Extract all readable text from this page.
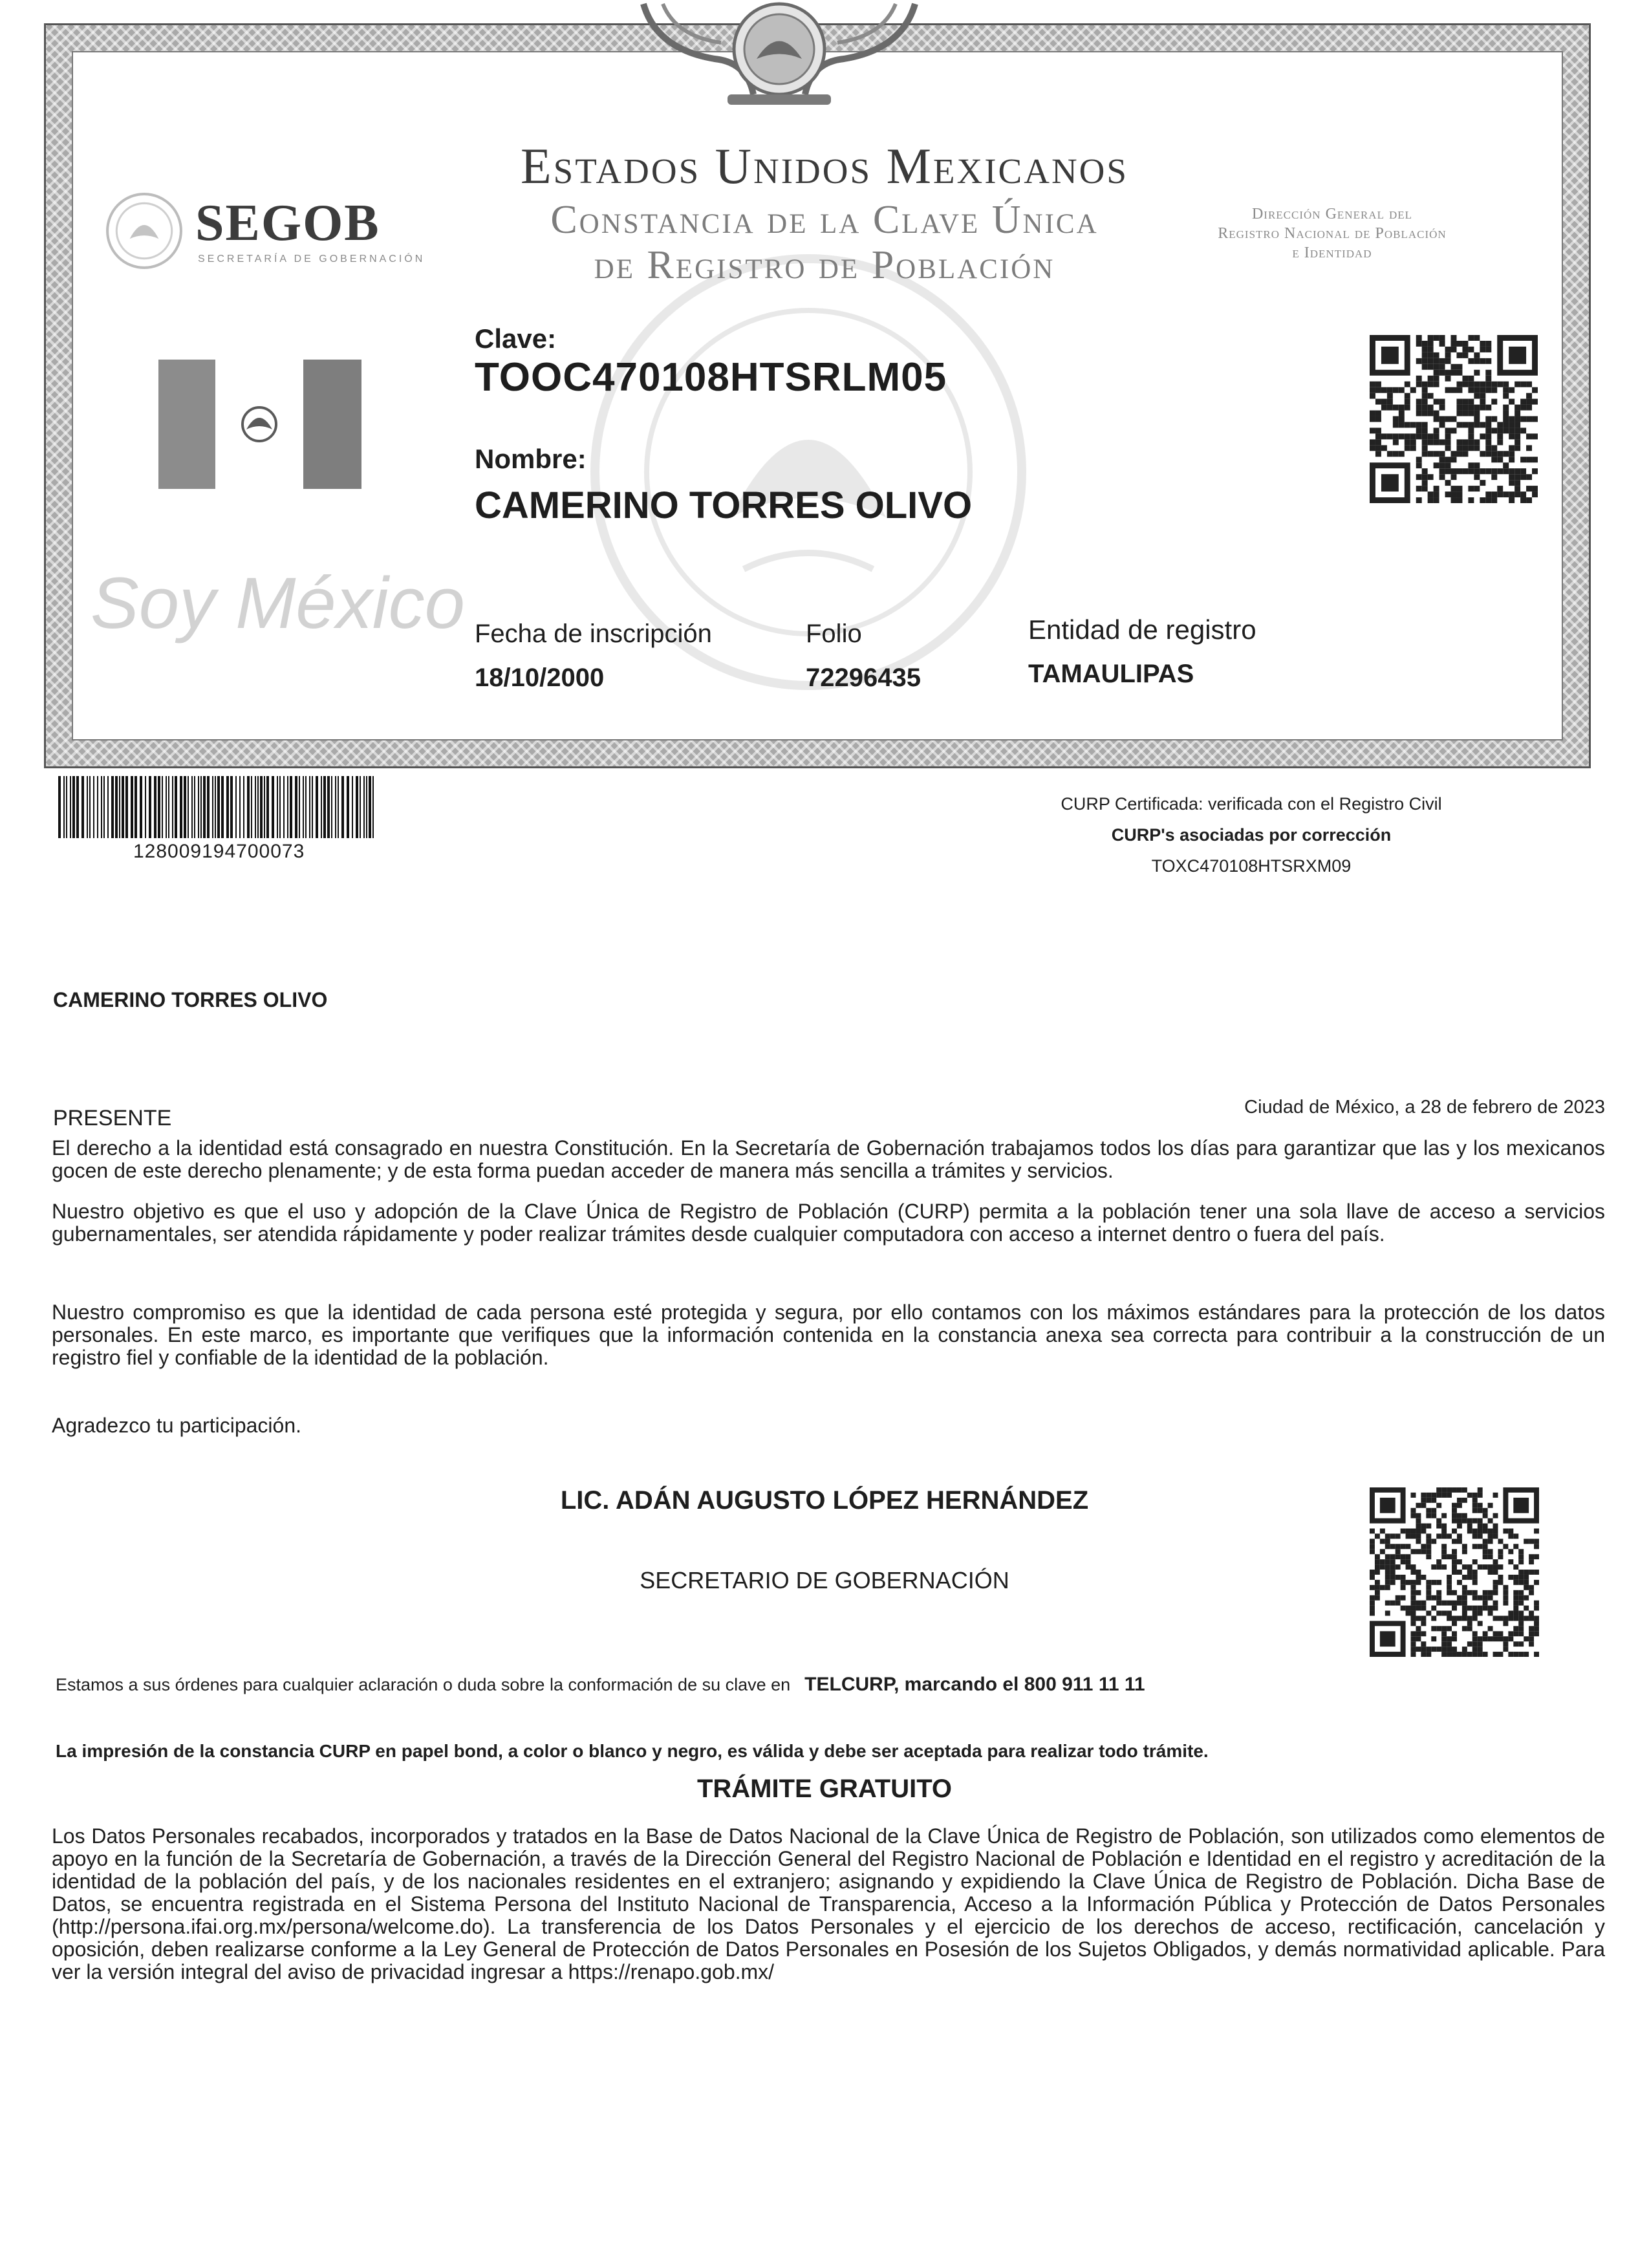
Estados Unidos Mexicanos
Constancia de la Clave Única
de Registro de Población
SEGOB
SECRETARÍA DE GOBERNACIÓN
Dirección General del
Registro Nacional de Población
e Identidad
Clave:
TOOC470108HTSRLM05
Nombre:
CAMERINO TORRES OLIVO
Soy México Fecha de inscripción
18/10/2000
Folio
72296435
Entidad de registro
TAMAULIPAS
128009194700073
CURP Certificada: verificada con el Registro Civil
CURP's asociadas por corrección
TOXC470108HTSRXM09
CAMERINO TORRES OLIVO
PRESENTE	Ciudad de México, a 28 de febrero de 2023
El derecho a la identidad está consagrado en nuestra Constitución. En la Secretaría de Gobernación trabajamos todos los días para garantizar que las y los mexicanos gocen de este derecho plenamente; y de esta forma puedan acceder de manera más sencilla a trámites y servicios.
Nuestro objetivo es que el uso y adopción de la Clave Única de Registro de Población (CURP) permita a la población tener una sola llave de acceso a servicios gubernamentales, ser atendida rápidamente y poder realizar trámites desde cualquier computadora con acceso a internet dentro o fuera del país.
Nuestro compromiso es que la identidad de cada persona esté protegida y segura, por ello contamos con los máximos estándares para la protección de los datos personales. En este marco, es importante que verifiques que la información contenida en la constancia anexa sea correcta para contribuir a la construcción de un registro fiel y confiable de la identidad de la población.
Agradezco tu participación.
LIC. ADÁN AUGUSTO LÓPEZ HERNÁNDEZ
SECRETARIO DE GOBERNACIÓN
Estamos a sus órdenes para cualquier aclaración o duda sobre la conformación de su clave en TELCURP, marcando el 800 911 11 11
La impresión de la constancia CURP en papel bond, a color o blanco y negro, es válida y debe ser aceptada para realizar todo trámite.
TRÁMITE GRATUITO
Los Datos Personales recabados, incorporados y tratados en la Base de Datos Nacional de la Clave Única de Registro de Población, son utilizados como elementos de apoyo en la función de la Secretaría de Gobernación, a través de la Dirección General del Registro Nacional de Población e Identidad en el registro y acreditación de la identidad de la población del país, y de los nacionales residentes en el extranjero; asignando y expidiendo la Clave Única de Registro de Población. Dicha Base de Datos, se encuentra registrada en el Sistema Persona del Instituto Nacional de Transparencia, Acceso a la Información Pública y Protección de Datos Personales (http://persona.ifai.org.mx/persona/welcome.do). La transferencia de los Datos Personales y el ejercicio de los derechos de acceso, rectificación, cancelación y oposición, deben realizarse conforme a la Ley General de Protección de Datos Personales en Posesión de los Sujetos Obligados, y demás normatividad aplicable. Para ver la versión integral del aviso de privacidad ingresar a https://renapo.gob.mx/
